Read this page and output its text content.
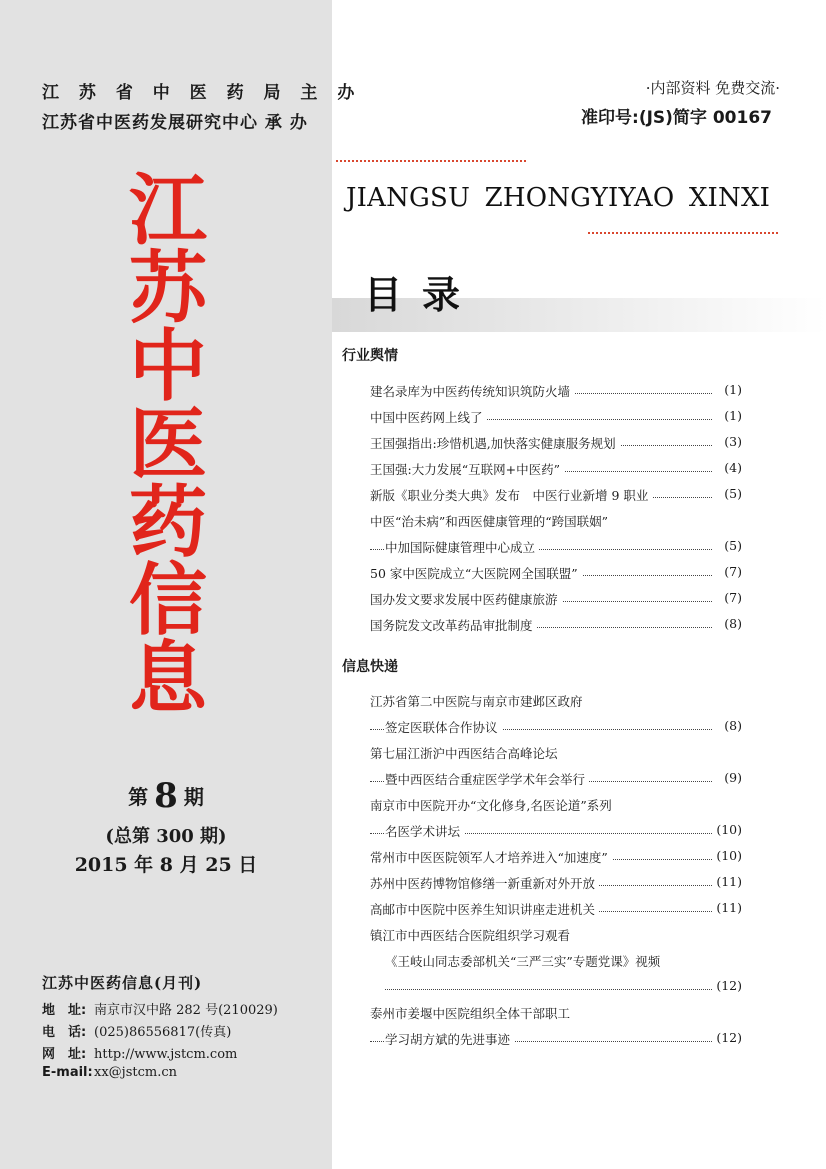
江 苏 省 中 医 药 局 主 办
江苏省中医药发展研究中心 承 办
江
苏
中
医
药
信
息
第 8 期
(总第 300 期)
2015 年 8 月 25 日
江苏中医药信息(月刊)
地　址: 南京市汉中路 282 号(210029)
电　话: (025)86556817(传真)
网　址: http://www.jstcm.com
E-mail:xx@jstcm.cn
·内部资料 免费交流·
准印号:(JS)简字 00167
JIANGSU ZHONGYIYAO XINXI
目录
行业舆情
建名录库为中医药传统知识筑防火墙	(1)
中国中医药网上线了	(1)
王国强指出:珍惜机遇,加快落实健康服务规划	(3)
王国强:大力发展“互联网+中医药”	(4)
新版《职业分类大典》发布　中医行业新增 9 职业	(5)
中医“治未病”和西医健康管理的“跨国联姻”
中加国际健康管理中心成立	(5)
50 家中医院成立“大医院网全国联盟”	(7)
国办发文要求发展中医药健康旅游	(7)
国务院发文改革药品审批制度	(8)
信息快递
江苏省第二中医院与南京市建邺区政府
签定医联体合作协议	(8)
第七届江浙沪中西医结合高峰论坛
暨中西医结合重症医学学术年会举行	(9)
南京市中医院开办“文化修身,名医论道”系列
名医学术讲坛	(10)
常州市中医医院领军人才培养进入“加速度”	(10)
苏州中医药博物馆修缮一新重新对外开放	(11)
高邮市中医院中医养生知识讲座走进机关	(11)
镇江市中西医结合医院组织学习观看
《王岐山同志委部机关“三严三实”专题党课》视频
(12)
泰州市姜堰中医院组织全体干部职工
学习胡方斌的先进事迹	(12)
